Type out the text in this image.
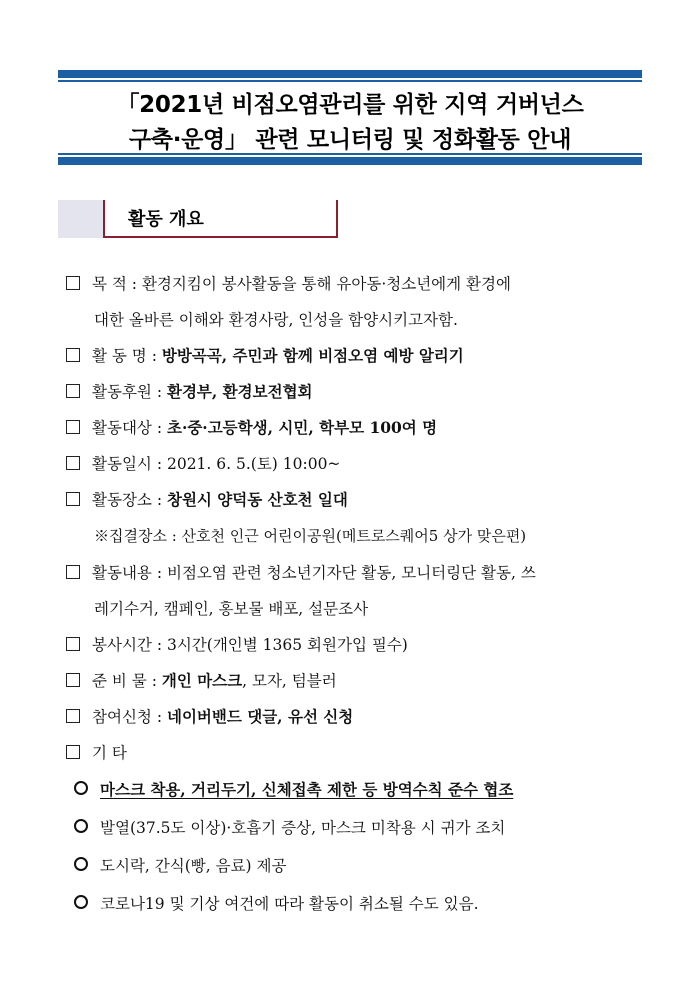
「2021년 비점오염관리를 위한 지역 거버넌스
구축·운영」 관련 모니터링 및 정화활동 안내
활동 개요
목 적 : 환경지킴이 봉사활동을 통해 유아동·청소년에게 환경에
대한 올바른 이해와 환경사랑, 인성을 함양시키고자함.
활 동 명 : 방방곡곡, 주민과 함께 비점오염 예방 알리기
활동후원 : 환경부, 환경보전협회
활동대상 : 초·중·고등학생, 시민, 학부모 100여 명
활동일시 : 2021. 6. 5.(토) 10:00~
활동장소 : 창원시 양덕동 산호천 일대
※집결장소 : 산호천 인근 어린이공원(메트로스퀘어5 상가 맞은편)
활동내용 : 비점오염 관련 청소년기자단 활동, 모니터링단 활동, 쓰
레기수거, 캠페인, 홍보물 배포, 설문조사
봉사시간 : 3시간(개인별 1365 회원가입 필수)
준 비 물 : 개인 마스크, 모자, 텀블러
참여신청 : 네이버밴드 댓글, 유선 신청
기 타
마스크 착용, 거리두기, 신체접촉 제한 등 방역수칙 준수 협조
발열(37.5도 이상)·호흡기 증상, 마스크 미착용 시 귀가 조치
도시락, 간식(빵, 음료) 제공
코로나19 및 기상 여건에 따라 활동이 취소될 수도 있음.
